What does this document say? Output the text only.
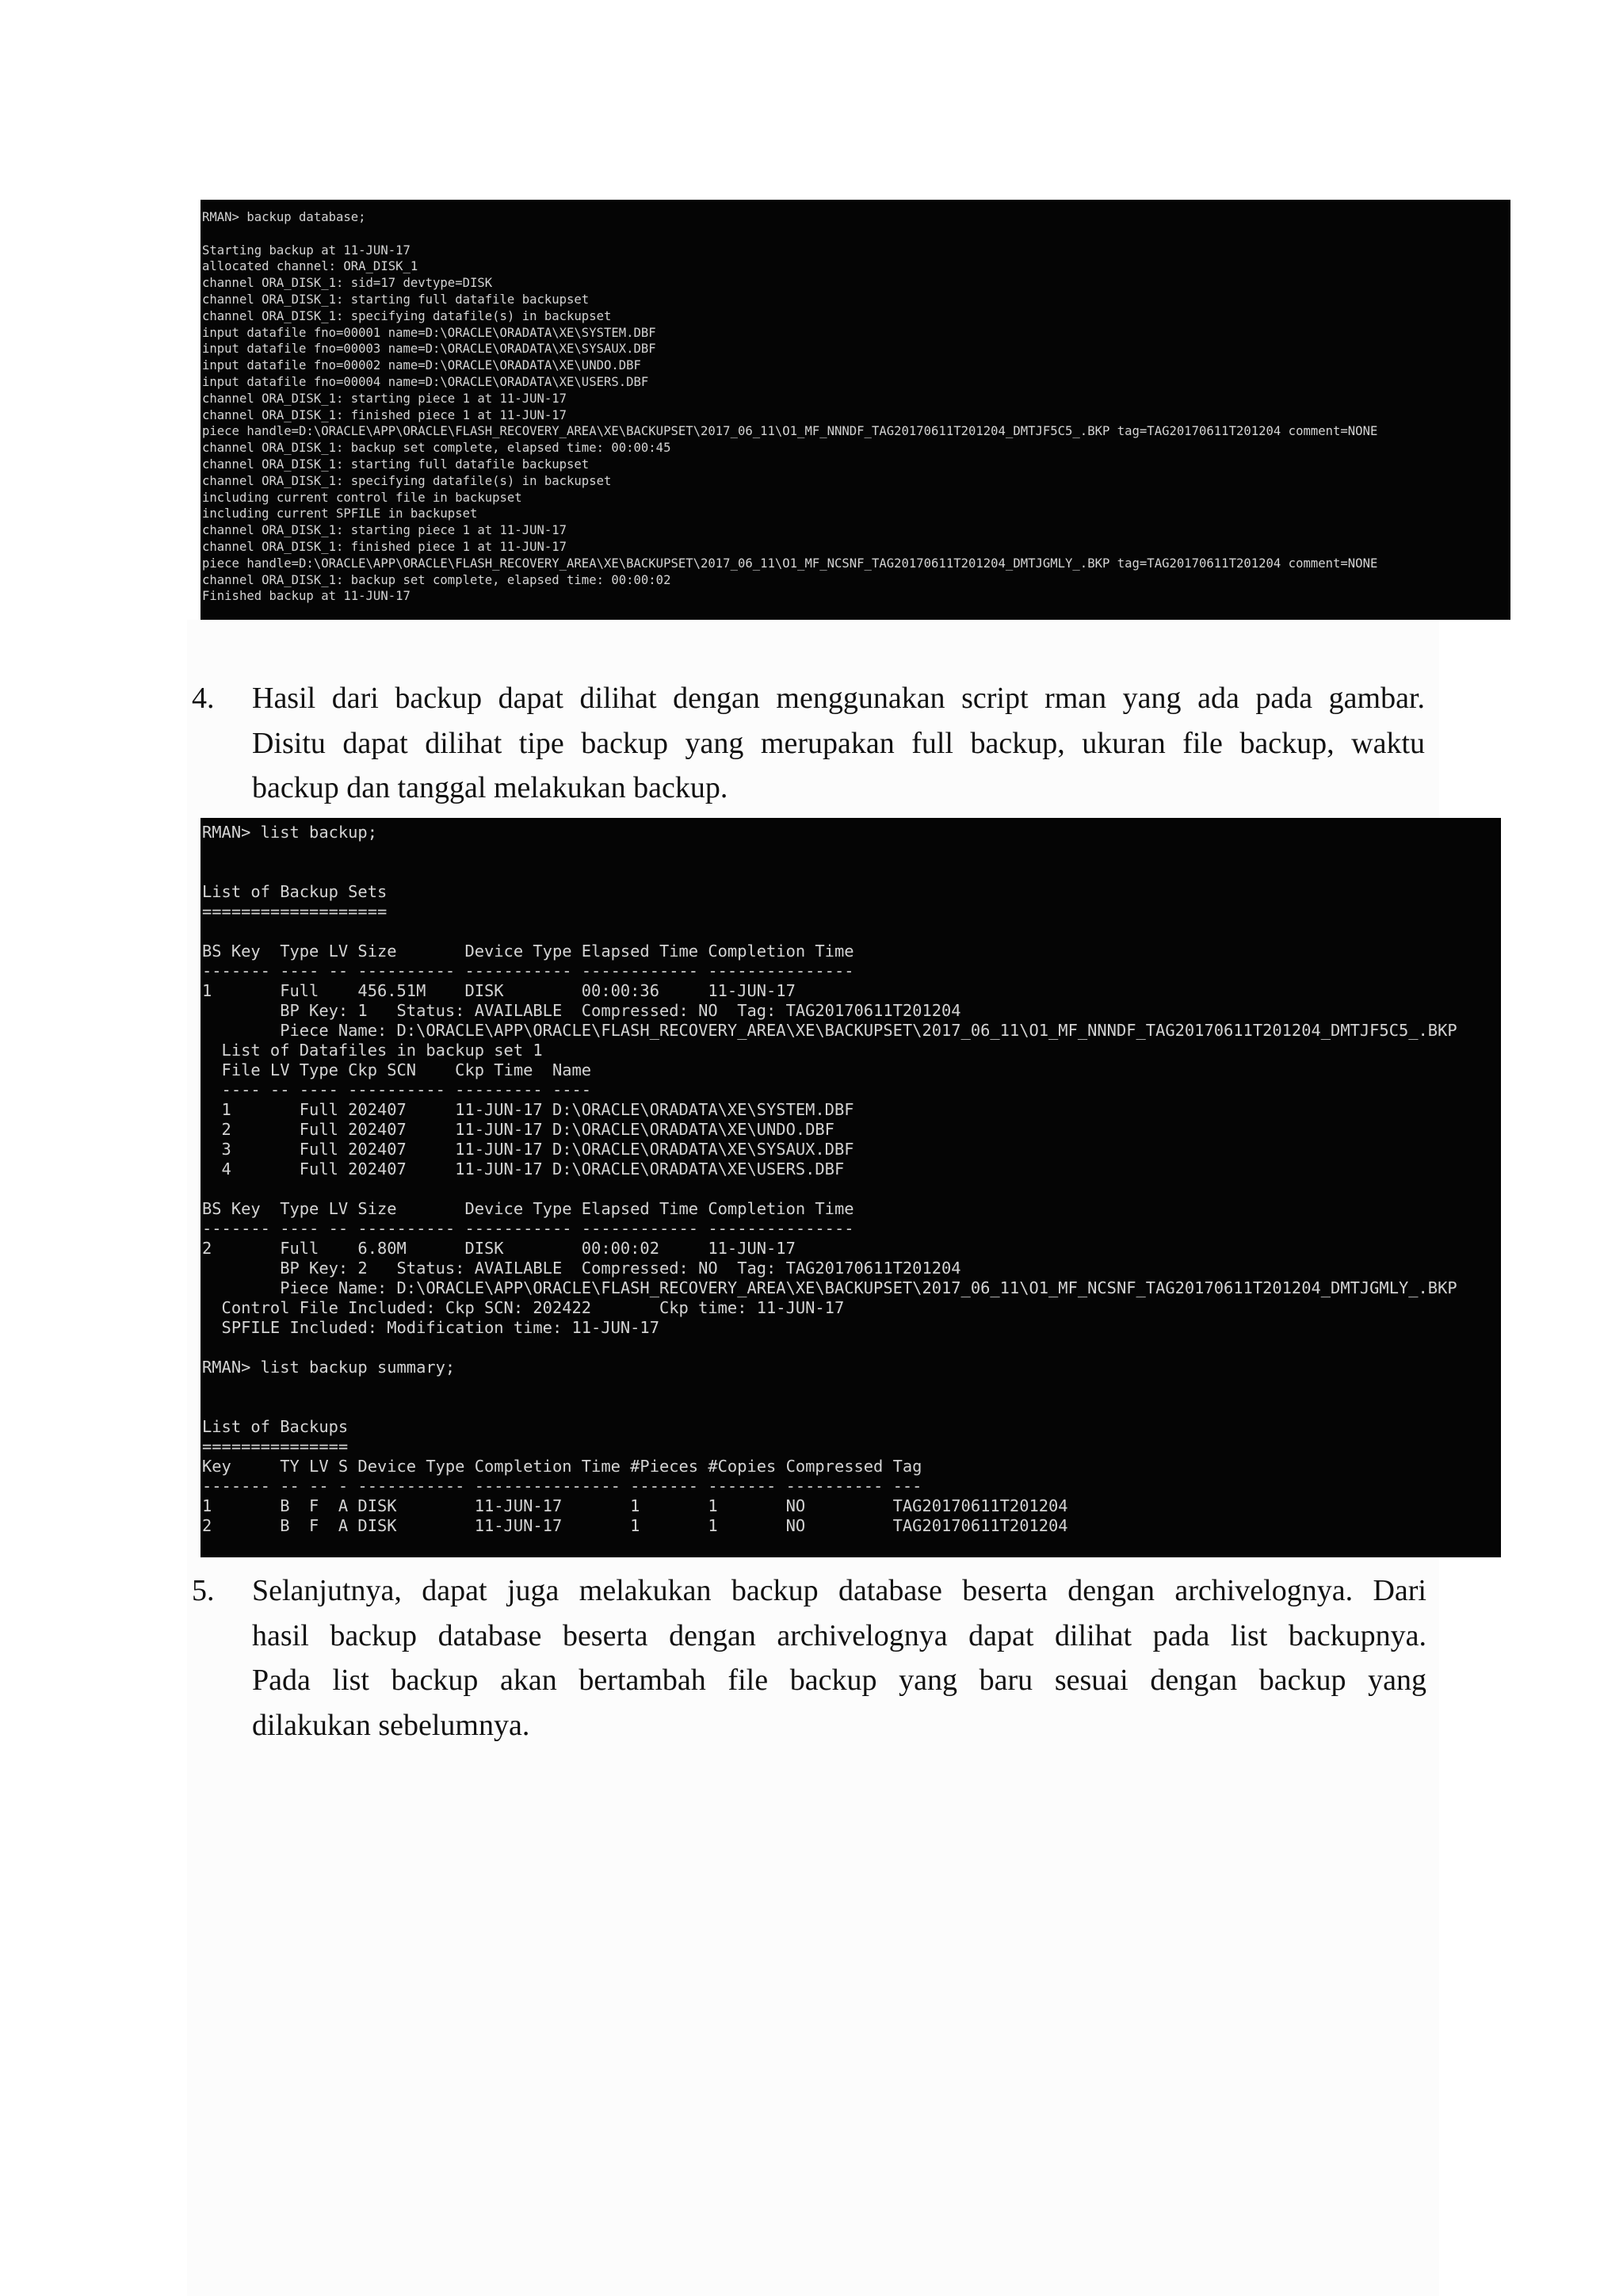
RMAN> backup database;
Starting backup at 11-JUN-17
allocated channel: ORA_DISK_1
channel ORA_DISK_1: sid=17 devtype=DISK
channel ORA_DISK_1: starting full datafile backupset
channel ORA_DISK_1: specifying datafile(s) in backupset
input datafile fno=00001 name=D:\ORACLE\ORADATA\XE\SYSTEM.DBF
input datafile fno=00003 name=D:\ORACLE\ORADATA\XE\SYSAUX.DBF
input datafile fno=00002 name=D:\ORACLE\ORADATA\XE\UNDO.DBF
input datafile fno=00004 name=D:\ORACLE\ORADATA\XE\USERS.DBF
channel ORA_DISK_1: starting piece 1 at 11-JUN-17
channel ORA_DISK_1: finished piece 1 at 11-JUN-17
piece handle=D:\ORACLE\APP\ORACLE\FLASH_RECOVERY_AREA\XE\BACKUPSET\2017_06_11\O1_MF_NNNDF_TAG20170611T201204_DMTJF5C5_.BKP tag=TAG20170611T201204 comment=NONE
channel ORA_DISK_1: backup set complete, elapsed time: 00:00:45
channel ORA_DISK_1: starting full datafile backupset
channel ORA_DISK_1: specifying datafile(s) in backupset
including current control file in backupset
including current SPFILE in backupset
channel ORA_DISK_1: starting piece 1 at 11-JUN-17
channel ORA_DISK_1: finished piece 1 at 11-JUN-17
piece handle=D:\ORACLE\APP\ORACLE\FLASH_RECOVERY_AREA\XE\BACKUPSET\2017_06_11\O1_MF_NCSNF_TAG20170611T201204_DMTJGMLY_.BKP tag=TAG20170611T201204 comment=NONE
channel ORA_DISK_1: backup set complete, elapsed time: 00:00:02
Finished backup at 11-JUN-17
4. Hasil dari backup dapat dilihat dengan menggunakan script rman yang ada pada gambar.
Disitu dapat dilihat tipe backup yang merupakan full backup, ukuran file backup, waktu
backup dan tanggal melakukan backup.
RMAN> list backup;
List of Backup Sets
===================
BS Key  Type LV Size       Device Type Elapsed Time Completion Time
------- ---- -- ---------- ----------- ------------ ---------------
1       Full    456.51M    DISK        00:00:36     11-JUN-17
BP Key: 1   Status: AVAILABLE  Compressed: NO  Tag: TAG20170611T201204
Piece Name: D:\ORACLE\APP\ORACLE\FLASH_RECOVERY_AREA\XE\BACKUPSET\2017_06_11\O1_MF_NNNDF_TAG20170611T201204_DMTJF5C5_.BKP
List of Datafiles in backup set 1
File LV Type Ckp SCN    Ckp Time  Name
---- -- ---- ---------- --------- ----
1       Full 202407     11-JUN-17 D:\ORACLE\ORADATA\XE\SYSTEM.DBF
2       Full 202407     11-JUN-17 D:\ORACLE\ORADATA\XE\UNDO.DBF
3       Full 202407     11-JUN-17 D:\ORACLE\ORADATA\XE\SYSAUX.DBF
4       Full 202407     11-JUN-17 D:\ORACLE\ORADATA\XE\USERS.DBF
BS Key  Type LV Size       Device Type Elapsed Time Completion Time
------- ---- -- ---------- ----------- ------------ ---------------
2       Full    6.80M      DISK        00:00:02     11-JUN-17
BP Key: 2   Status: AVAILABLE  Compressed: NO  Tag: TAG20170611T201204
Piece Name: D:\ORACLE\APP\ORACLE\FLASH_RECOVERY_AREA\XE\BACKUPSET\2017_06_11\O1_MF_NCSNF_TAG20170611T201204_DMTJGMLY_.BKP
Control File Included: Ckp SCN: 202422       Ckp time: 11-JUN-17
SPFILE Included: Modification time: 11-JUN-17
RMAN> list backup summary;
List of Backups
===============
Key     TY LV S Device Type Completion Time #Pieces #Copies Compressed Tag
------- -- -- - ----------- --------------- ------- ------- ---------- ---
1       B  F  A DISK        11-JUN-17       1       1       NO         TAG20170611T201204
2       B  F  A DISK        11-JUN-17       1       1       NO         TAG20170611T201204
5. Selanjutnya, dapat juga melakukan backup database beserta dengan archivelognya. Dari
hasil backup database beserta dengan archivelognya dapat dilihat pada list backupnya.
Pada list backup akan bertambah file backup yang baru sesuai dengan backup yang
dilakukan sebelumnya.
